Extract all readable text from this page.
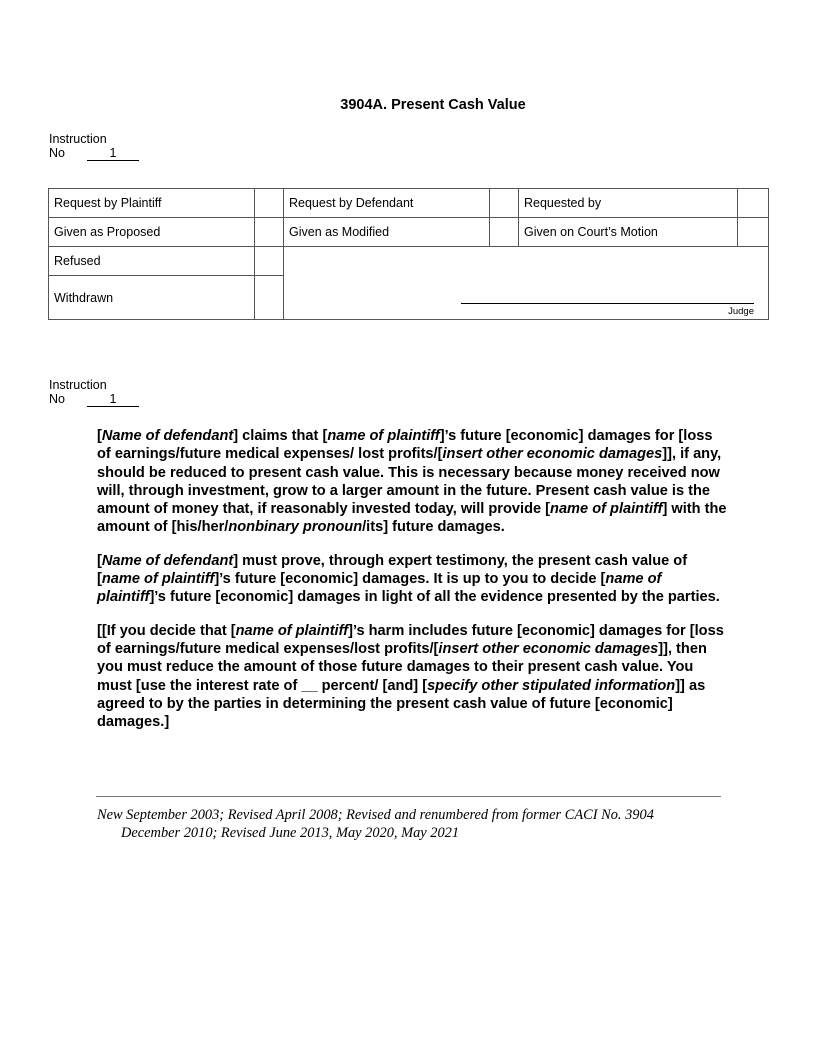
3904A. Present Cash Value
Instruction
No	1
Request by Plaintiff		Request by Defendant		Requested by	
Given as Proposed		Given as Modified		Given on Court’s Motion	
Refused		Judge			

Withdrawn					
Instruction
No	1

[Name of defendant] claims that [name of plaintiff]’s future [economic] damages for [loss of earnings/future medical expenses/ lost profits/[insert other economic damages]], if any, should be reduced to present cash value. This is necessary because money received now will, through investment, grow to a larger amount in the future. Present cash value is the amount of money that, if reasonably invested today, will provide [name of plaintiff] with the amount of [his/her/nonbinary pronoun/its] future damages.

[Name of defendant] must prove, through expert testimony, the present cash value of [name of plaintiff]’s future [economic] damages. It is up to you to decide [name of plaintiff]’s future [economic] damages in light of all the evidence presented by the parties.

[[If you decide that [name of plaintiff]’s harm includes future [economic] damages for [loss of earnings/future medical expenses/lost profits/[insert other economic damages]], then you must reduce the amount of those future damages to their present cash value. You must [use the interest rate of __ percent/ [and] [specify other stipulated information]] as agreed to by the parties in determining the present cash value of future [economic] damages.]

New September 2003; Revised April 2008; Revised and renumbered from former CACI No. 3904
December 2010; Revised June 2013, May 2020, May 2021
